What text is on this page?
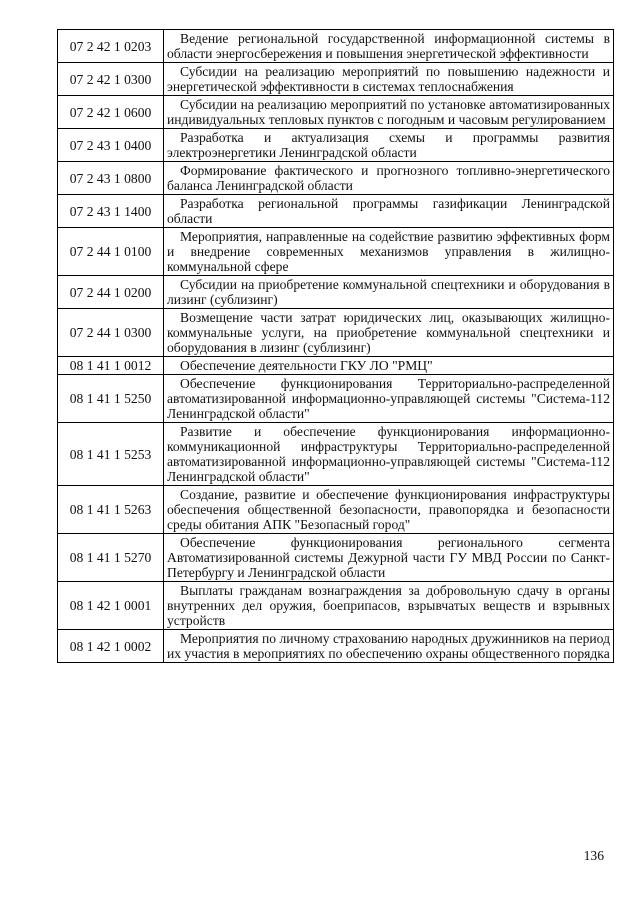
07 2 42 1 0203	Ведение региональной государственной информационной системы в области энергосбережения и повышения энергетической эффективности
07 2 42 1 0300	Субсидии на реализацию мероприятий по повышению надежности и энергетической эффективности в системах теплоснабжения
07 2 42 1 0600	Субсидии на реализацию мероприятий по установке автоматизированных индивидуальных тепловых пунктов с погодным и часовым регулированием
07 2 43 1 0400	Разработка и актуализация схемы и программы развития электроэнергетики Ленинградской области
07 2 43 1 0800	Формирование фактического и прогнозного топливно-энергетического баланса Ленинградской области
07 2 43 1 1400	Разработка региональной программы газификации Ленинградской области
07 2 44 1 0100	Мероприятия, направленные на содействие развитию эффективных форм и внедрение современных механизмов управления в жилищно-коммунальной сфере
07 2 44 1 0200	Субсидии на приобретение коммунальной спецтехники и оборудования в лизинг (сублизинг)
07 2 44 1 0300	Возмещение части затрат юридических лиц, оказывающих жилищно-коммунальные услуги, на приобретение коммунальной спецтехники и оборудования в лизинг (сублизинг)
08 1 41 1 0012	Обеспечение деятельности ГКУ ЛО "РМЦ"
08 1 41 1 5250	Обеспечение функционирования Территориально-распределенной автоматизированной информационно-управляющей системы "Система-112 Ленинградской области"
08 1 41 1 5253	Развитие и обеспечение функционирования информационно-коммуникационной инфраструктуры Территориально-распределенной автоматизированной информационно-управляющей системы "Система-112 Ленинградской области"
08 1 41 1 5263	Создание, развитие и обеспечение функционирования инфраструктуры обеспечения общественной безопасности, правопорядка и безопасности среды обитания АПК "Безопасный город"
08 1 41 1 5270	Обеспечение функционирования регионального сегмента Автоматизированной системы Дежурной части ГУ МВД России по Санкт-Петербургу и Ленинградской области
08 1 42 1 0001	Выплаты гражданам вознаграждения за добровольную сдачу в органы внутренних дел оружия, боеприпасов, взрывчатых веществ и взрывных устройств
08 1 42 1 0002	Мероприятия по личному страхованию народных дружинников на период их участия в мероприятиях по обеспечению охраны общественного порядка
136
